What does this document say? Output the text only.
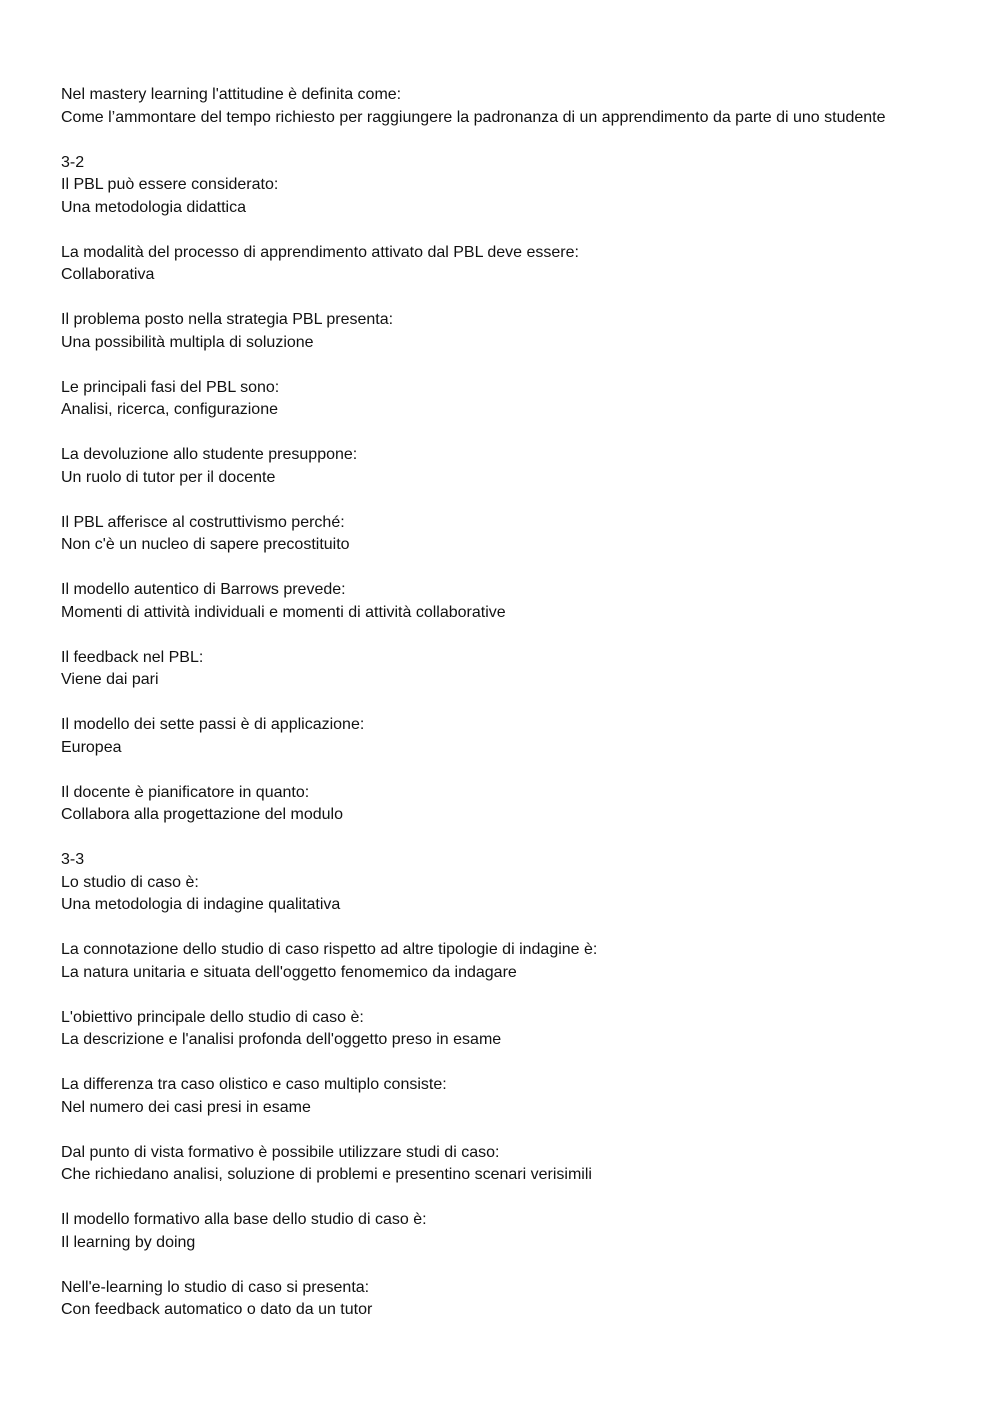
Nel mastery learning l'attitudine è definita come:

Come l’ammontare del tempo richiesto per raggiungere la padronanza di un apprendimento da parte di uno studente

3-2

Il PBL può essere considerato:

Una metodologia didattica

La modalità del processo di apprendimento attivato dal PBL deve essere:

Collaborativa

Il problema posto nella strategia PBL presenta:

Una possibilità multipla di soluzione

Le principali fasi del PBL sono:

Analisi, ricerca, configurazione

La devoluzione allo studente presuppone:

Un ruolo di tutor per il docente

Il PBL afferisce al costruttivismo perché:

Non c'è un nucleo di sapere precostituito

Il modello autentico di Barrows prevede:

Momenti di attività individuali e momenti di attività collaborative

Il feedback nel PBL:

Viene dai pari

Il modello dei sette passi è di applicazione:

Europea

Il docente è pianificatore in quanto:

Collabora alla progettazione del modulo

3-3

Lo studio di caso è:

Una metodologia di indagine qualitativa

La connotazione dello studio di caso rispetto ad altre tipologie di indagine è:

La natura unitaria e situata dell'oggetto fenomemico da indagare

L'obiettivo principale dello studio di caso è:

La descrizione e l'analisi profonda dell'oggetto preso in esame

La differenza tra caso olistico e caso multiplo consiste:

Nel numero dei casi presi in esame

Dal punto di vista formativo è possibile utilizzare studi di caso:

Che richiedano analisi, soluzione di problemi e presentino scenari verisimili

Il modello formativo alla base dello studio di caso è:

Il learning by doing

Nell'e-learning lo studio di caso si presenta:

Con feedback automatico o dato da un tutor
